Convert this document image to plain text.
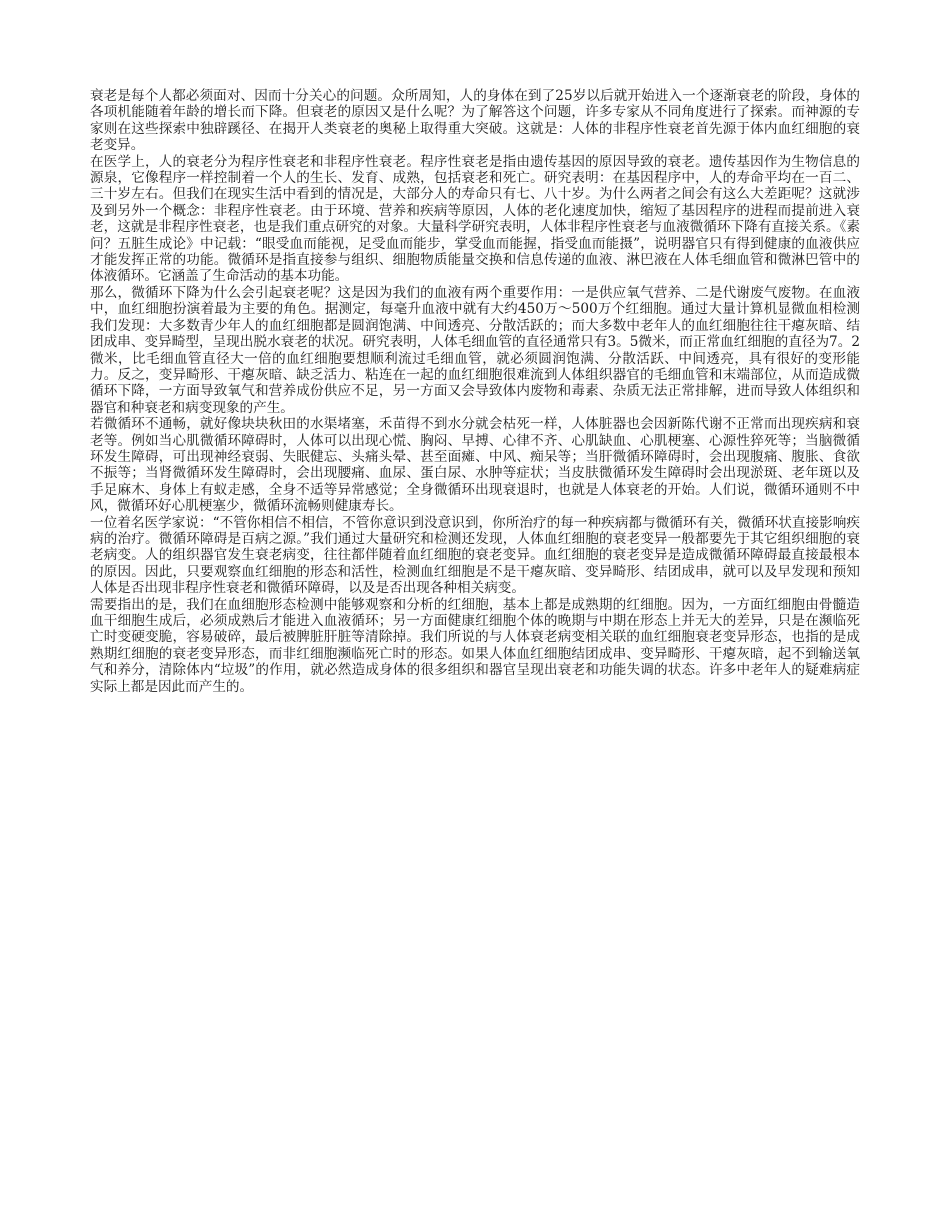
衰老是每个人都必须面对、因而十分关心的问题。众所周知，人的身体在到了25岁以后就开始进入一个逐渐衰老的阶段，身体的各项机能随着年龄的增长而下降。但衰老的原因又是什么呢？为了解答这个问题，许多专家从不同角度进行了探索。而神源的专家则在这些探索中独辟蹊径、在揭开人类衰老的奥秘上取得重大突破。这就是：人体的非程序性衰老首先源于体内血红细胞的衰老变异。

在医学上，人的衰老分为程序性衰老和非程序性衰老。程序性衰老是指由遗传基因的原因导致的衰老。遗传基因作为生物信息的源泉，它像程序一样控制着一个人的生长、发育、成熟，包括衰老和死亡。研究表明：在基因程序中，人的寿命平均在一百二、三十岁左右。但我们在现实生活中看到的情况是，大部分人的寿命只有七、八十岁。为什么两者之间会有这么大差距呢？这就涉及到另外一个概念：非程序性衰老。由于环境、营养和疾病等原因，人体的老化速度加快，缩短了基因程序的进程而提前进入衰老，这就是非程序性衰老，也是我们重点研究的对象。大量科学研究表明，人体非程序性衰老与血液微循环下降有直接关系。《素问？五脏生成论》中记载：“眼受血而能视，足受血而能步，掌受血而能握，指受血而能摄”，说明器官只有得到健康的血液供应才能发挥正常的功能。微循环是指直接参与组织、细胞物质能量交换和信息传递的血液、淋巴液在人体毛细血管和微淋巴管中的体液循环。它涵盖了生命活动的基本功能。

那么，微循环下降为什么会引起衰老呢？这是因为我们的血液有两个重要作用：一是供应氧气营养、二是代谢废气废物。在血液中，血红细胞扮演着最为主要的角色。据测定，每毫升血液中就有大约450万～500万个红细胞。通过大量计算机显微血相检测我们发现：大多数青少年人的血红细胞都是圆润饱满、中间透亮、分散活跃的；而大多数中老年人的血红细胞往往干瘪灰暗、结团成串、变异畸型，呈现出脱水衰老的状况。研究表明，人体毛细血管的直径通常只有3。5微米，而正常血红细胞的直径为7。2微米，比毛细血管直径大一倍的血红细胞要想顺利流过毛细血管，就必须圆润饱满、分散活跃、中间透亮，具有很好的变形能力。反之，变异畸形、干瘪灰暗、缺乏活力、粘连在一起的血红细胞很难流到人体组织器官的毛细血管和末端部位，从而造成微循环下降，一方面导致氧气和营养成份供应不足，另一方面又会导致体内废物和毒素、杂质无法正常排解，进而导致人体组织和器官和种衰老和病变现象的产生。

若微循环不通畅，就好像块块秋田的水渠堵塞，禾苗得不到水分就会枯死一样，人体脏器也会因新陈代谢不正常而出现疾病和衰老等。例如当心肌微循环障碍时，人体可以出现心慌、胸闷、早搏、心律不齐、心肌缺血、心肌梗塞、心源性猝死等；当脑微循环发生障碍，可出现神经衰弱、失眠健忘、头痛头晕、甚至面瘫、中风、痴呆等；当肝微循环障碍时，会出现腹痛、腹胀、食欲不振等；当肾微循环发生障碍时，会出现腰痛、血尿、蛋白尿、水肿等症状；当皮肤微循环发生障碍时会出现淤斑、老年斑以及手足麻木、身体上有蚁走感，全身不适等异常感觉；全身微循环出现衰退时，也就是人体衰老的开始。人们说，微循环通则不中风，微循环好心肌梗塞少，微循环流畅则健康寿长。

一位着名医学家说：“不管你相信不相信，不管你意识到没意识到，你所治疗的每一种疾病都与微循环有关，微循环状直接影响疾病的治疗。微循环障碍是百病之源。”我们通过大量研究和检测还发现，人体血红细胞的衰老变异一般都要先于其它组织细胞的衰老病变。人的组织器官发生衰老病变，往往都伴随着血红细胞的衰老变异。血红细胞的衰老变异是造成微循环障碍最直接最根本的原因。因此，只要观察血红细胞的形态和活性，检测血红细胞是不是干瘪灰暗、变异畸形、结团成串，就可以及早发现和预知人体是否出现非程序性衰老和微循环障碍，以及是否出现各种相关病变。

需要指出的是，我们在血细胞形态检测中能够观察和分析的红细胞，基本上都是成熟期的红细胞。因为，一方面红细胞由骨髓造血干细胞生成后，必须成熟后才能进入血液循环；另一方面健康红细胞个体的晚期与中期在形态上并无大的差异，只是在濒临死亡时变硬变脆，容易破碎，最后被脾脏肝脏等清除掉。我们所说的与人体衰老病变相关联的血红细胞衰老变异形态，也指的是成熟期红细胞的衰老变异形态，而非红细胞濒临死亡时的形态。如果人体血红细胞结团成串、变异畸形、干瘪灰暗，起不到输送氧气和养分，清除体内“垃圾”的作用，就必然造成身体的很多组织和器官呈现出衰老和功能失调的状态。许多中老年人的疑难病症实际上都是因此而产生的。
